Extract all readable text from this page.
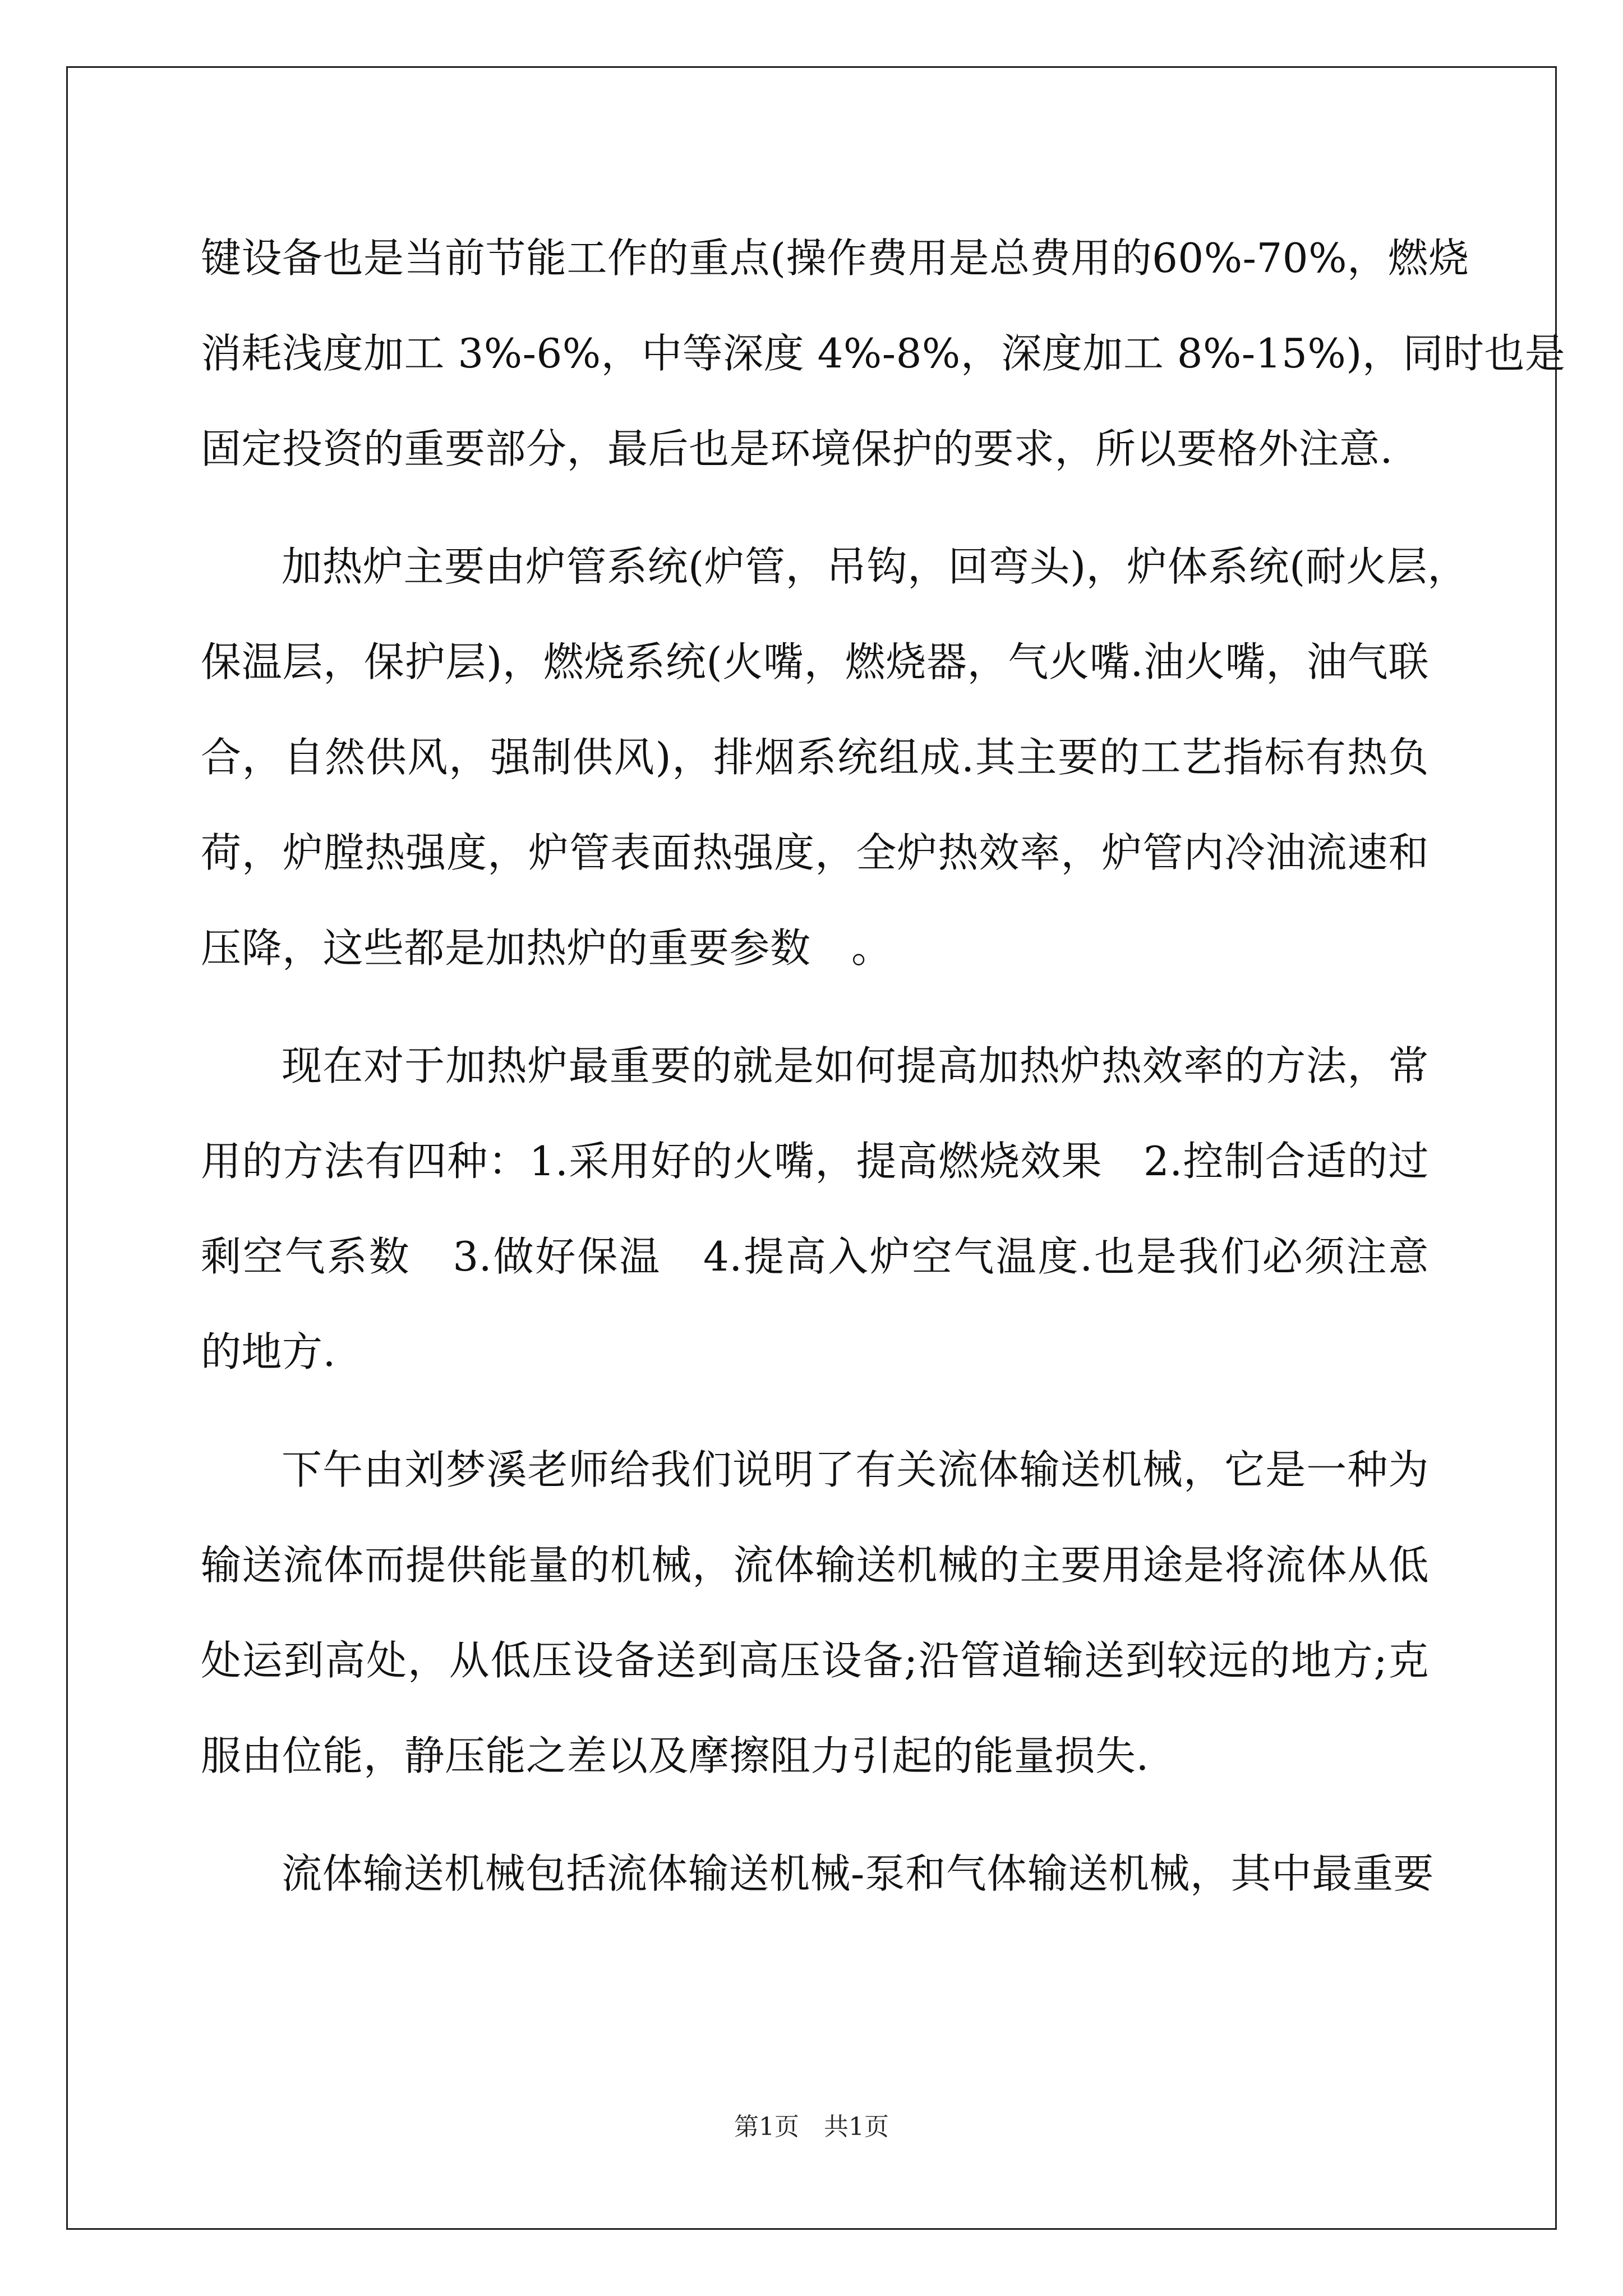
键设备也是当前节能工作的重点(操作费用是总费用的60%-70%，燃烧
消耗浅度加工 3%-6%，中等深度 4%-8%，深度加工 8%-15%)，同时也是
固定投资的重要部分，最后也是环境保护的要求，所以要格外注意.
加热炉主要由炉管系统(炉管，吊钩，回弯头)，炉体系统(耐火层，
保温层，保护层)，燃烧系统(火嘴，燃烧器，气火嘴.油火嘴，油气联
合，自然供风，强制供风)，排烟系统组成.其主要的工艺指标有热负
荷，炉膛热强度，炉管表面热强度，全炉热效率，炉管内冷油流速和
压降，这些都是加热炉的重要参数　。
现在对于加热炉最重要的就是如何提高加热炉热效率的方法，常
用的方法有四种：1.采用好的火嘴，提高燃烧效果　2.控制合适的过
剩空气系数　3.做好保温　4.提高入炉空气温度.也是我们必须注意
的地方.
下午由刘梦溪老师给我们说明了有关流体输送机械，它是一种为
输送流体而提供能量的机械，流体输送机械的主要用途是将流体从低
处运到高处，从低压设备送到高压设备;沿管道输送到较远的地方;克
服由位能，静压能之差以及摩擦阻力引起的能量损失.
流体输送机械包括流体输送机械-泵和气体输送机械，其中最重要
第1页　共1页
